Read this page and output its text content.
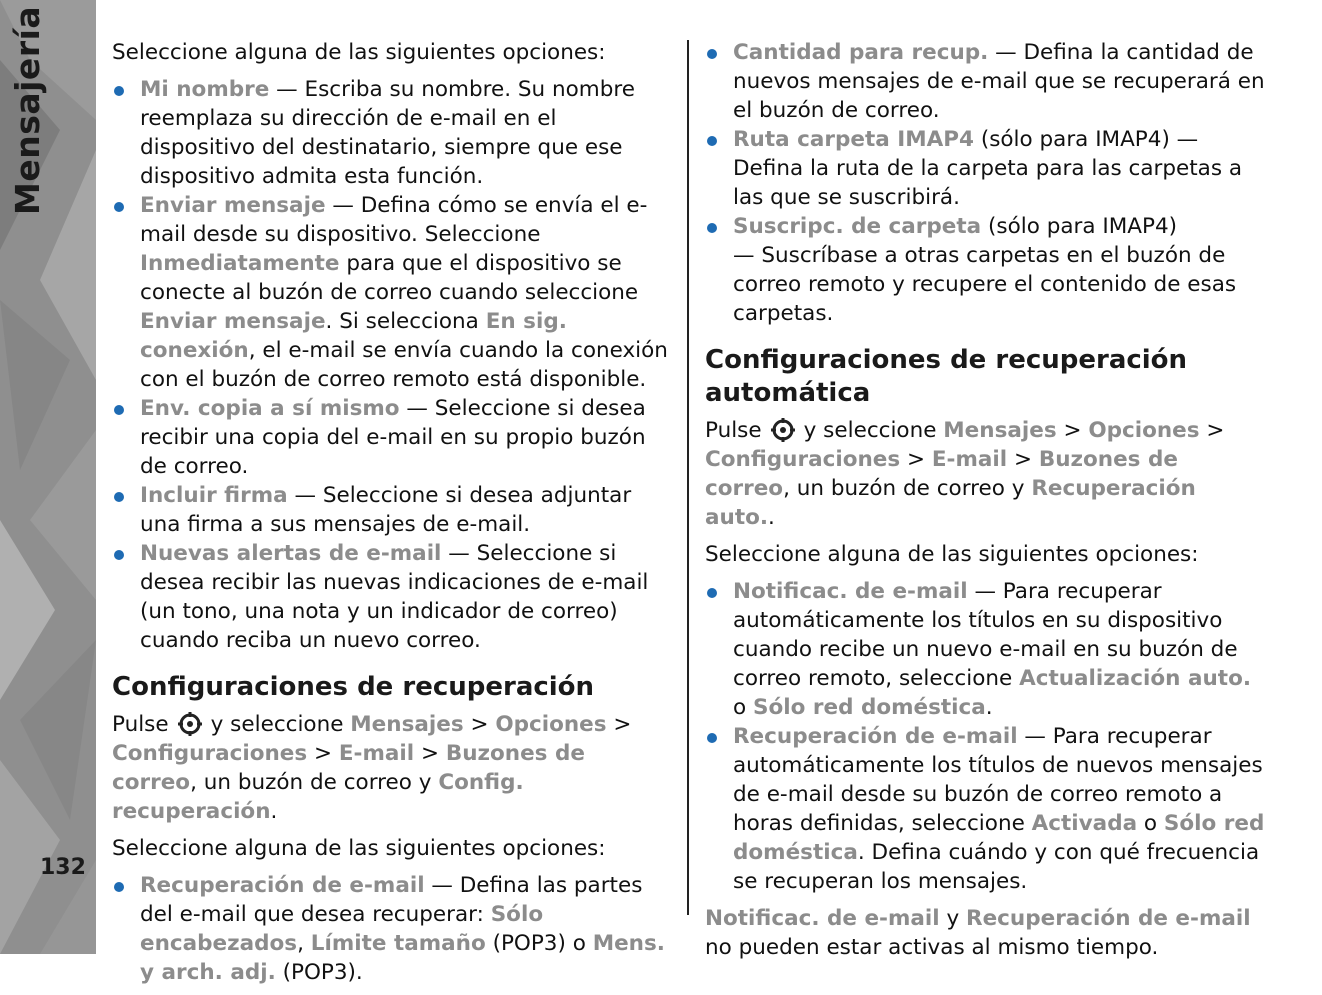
Mensajería
132

Seleccione alguna de las siguientes opciones:

Mi nombre — Escriba su nombre. Su nombre reemplaza su dirección de e-mail en el dispositivo del destinatario, siempre que ese dispositivo admita esta función.
Enviar mensaje — Defina cómo se envía el e-mail desde su dispositivo. Seleccione Inmediatamente para que el dispositivo se conecte al buzón de correo cuando seleccione Enviar mensaje. Si selecciona En sig. conexión, el e-mail se envía cuando la conexión con el buzón de correo remoto está disponible.
Env. copia a sí mismo — Seleccione si desea recibir una copia del e-mail en su propio buzón de correo.
Incluir firma — Seleccione si desea adjuntar una firma a sus mensajes de e-mail.
Nuevas alertas de e-mail — Seleccione si desea recibir las nuevas indicaciones de e-mail (un tono, una nota y un indicador de correo) cuando reciba un nuevo correo.
Configuraciones de recuperación

Pulse y seleccione Mensajes > Opciones > Configuraciones > E-mail > Buzones de correo, un buzón de correo y Config. recuperación.

Seleccione alguna de las siguientes opciones:

Recuperación de e-mail — Defina las partes del e-mail que desea recuperar: Sólo encabezados, Límite tamaño (POP3) o Mens. y arch. adj. (POP3).
Cantidad para recup. — Defina la cantidad de nuevos mensajes de e-mail que se recuperará en el buzón de correo.
Ruta carpeta IMAP4 (sólo para IMAP4) — Defina la ruta de la carpeta para las carpetas a las que se suscribirá.
Suscripc. de carpeta (sólo para IMAP4)
— Suscríbase a otras carpetas en el buzón de correo remoto y recupere el contenido de esas carpetas.
Configuraciones de recuperación automática

Pulse y seleccione Mensajes > Opciones > Configuraciones > E-mail > Buzones de correo, un buzón de correo y Recuperación auto..

Seleccione alguna de las siguientes opciones:

Notificac. de e-mail — Para recuperar automáticamente los títulos en su dispositivo cuando recibe un nuevo e-mail en su buzón de correo remoto, seleccione Actualización auto. o Sólo red doméstica.
Recuperación de e-mail — Para recuperar automáticamente los títulos de nuevos mensajes de e-mail desde su buzón de correo remoto a horas definidas, seleccione Activada o Sólo red doméstica. Defina cuándo y con qué frecuencia se recuperan los mensajes.

Notificac. de e-mail y Recuperación de e-mail no pueden estar activas al mismo tiempo.
